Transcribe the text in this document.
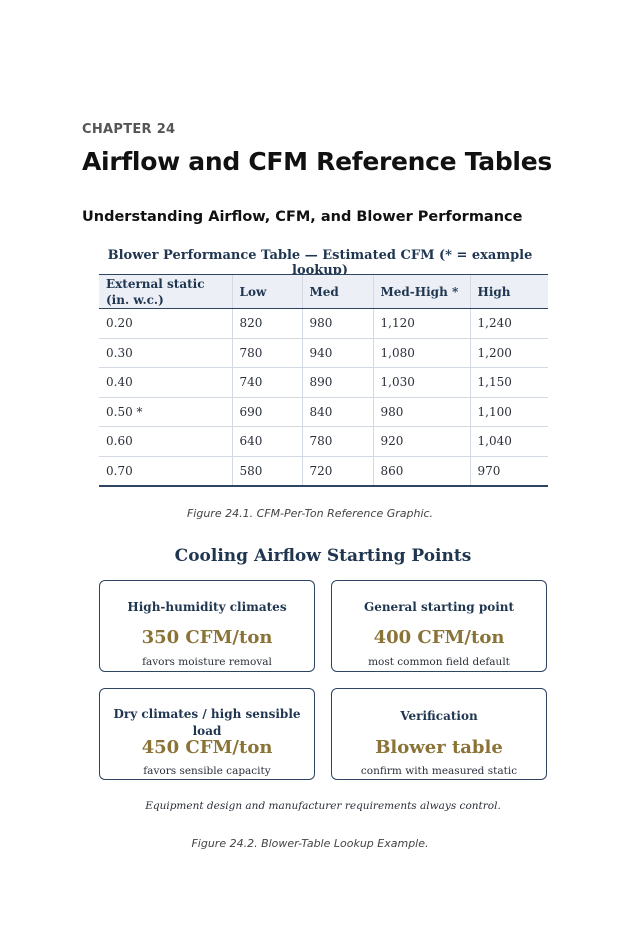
CHAPTER 24
Airflow and CFM Reference Tables
Understanding Airflow, CFM, and Blower Performance
Blower Performance Table — Estimated CFM (* = example lookup)
External static (in. w.c.)	Low	Med	Med-High *	High
0.20	820	980	1,120	1,240
0.30	780	940	1,080	1,200
0.40	740	890	1,030	1,150
0.50 *	690	840	980	1,100
0.60	640	780	920	1,040
0.70	580	720	860	970
Figure 24.1. CFM-Per-Ton Reference Graphic.
Cooling Airflow Starting Points
High-humidity climates
350 CFM/ton
favors moisture removal
General starting point
400 CFM/ton
most common field default
Dry climates / high sensible load
450 CFM/ton
favors sensible capacity
Verification
Blower table
confirm with measured static
Equipment design and manufacturer requirements always control.
Figure 24.2. Blower-Table Lookup Example.
